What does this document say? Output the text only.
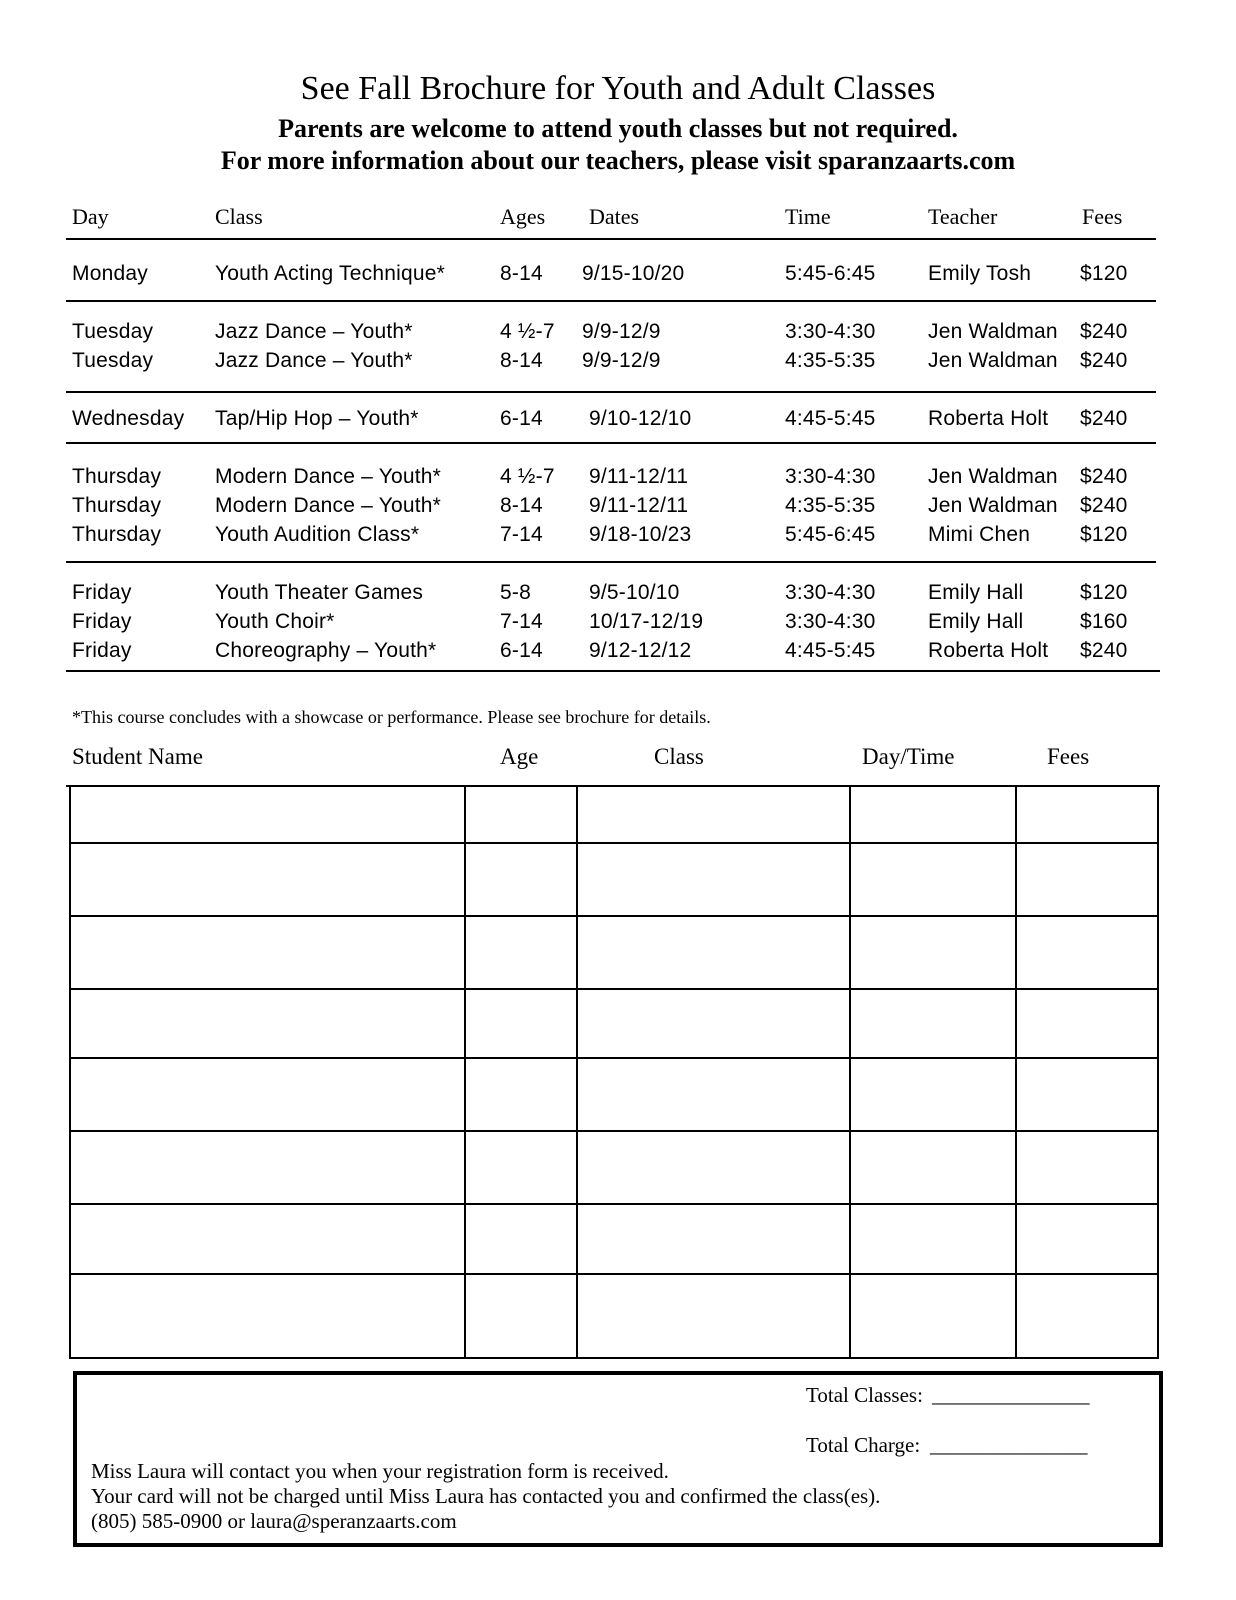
See Fall Brochure for Youth and Adult Classes
Parents are welcome to attend youth classes but not required.
For more information about our teachers, please visit sparanzaarts.com
Day	Class	Ages Dates	Time	Teacher	Fees
Monday	Youth Acting Technique*	8-14 9/15-10/20	5:45-6:45 Emily Tosh $120
Tuesday	Jazz Dance – Youth*	4 ½-7 9/9-12/9	3:30-4:30 Jen Waldman $240
Tuesday	Jazz Dance – Youth*	8-14 9/9-12/9	4:35-5:35 Jen Waldman $240
Wednesday Tap/Hip Hop – Youth*	6-14 9/10-12/10	4:45-5:45 Roberta Holt $240
Thursday	Modern Dance – Youth*	4 ½-7 9/11-12/11	3:30-4:30 Jen Waldman $240
Thursday	Modern Dance – Youth*	8-14 9/11-12/11	4:35-5:35 Jen Waldman $240
Thursday	Youth Audition Class*	7-14 9/18-10/23	5:45-6:45 Mimi Chen $120
Friday	Youth Theater Games	5-8	9/5-10/10	3:30-4:30 Emily Hall	$120
Friday	Youth Choir*	7-14 10/17-12/19	3:30-4:30 Emily Hall	$160
Friday	Choreography – Youth*	6-14 9/12-12/12	4:45-5:45 Roberta Holt $240
*This course concludes with a showcase or performance. Please see brochure for details.
Student Name	Age	Class	Day/Time	Fees
Total Classes: _______________
Total Charge: _______________
Miss Laura will contact you when your registration form is received.
Your card will not be charged until Miss Laura has contacted you and confirmed the class(es).
(805) 585-0900 or laura@speranzaarts.com
